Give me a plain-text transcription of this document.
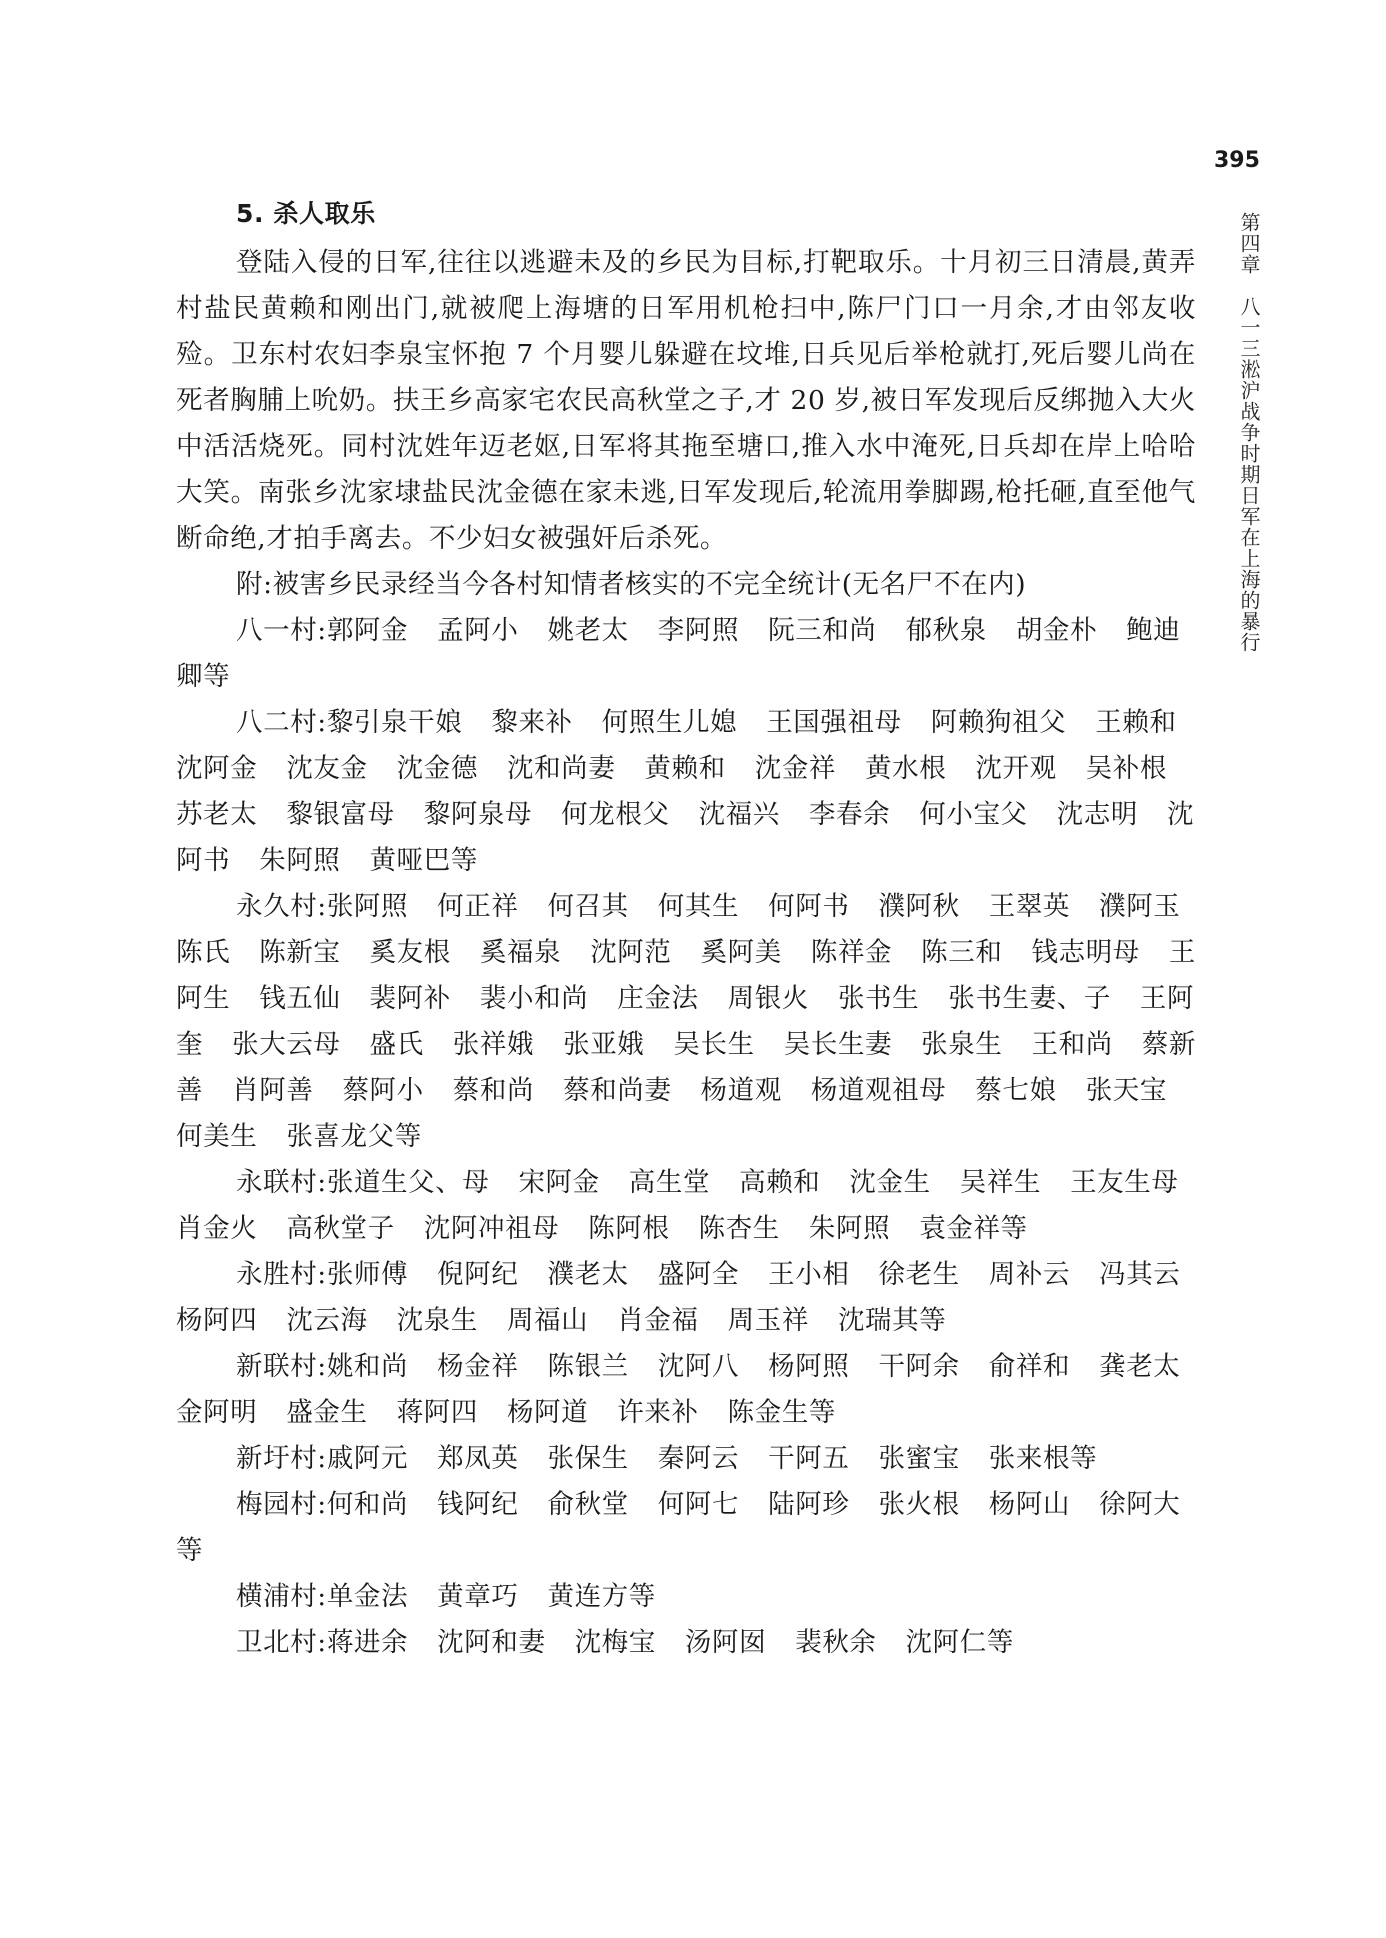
395
第四章　八一三淞沪战争时期日军在上海的暴行
5. 杀人取乐

登陆入侵的日军,往往以逃避未及的乡民为目标,打靶取乐。十月初三日清晨,黄弄村盐民黄赖和刚出门,就被爬上海塘的日军用机枪扫中,陈尸门口一月余,才由邻友收殓。卫东村农妇李泉宝怀抱 7 个月婴儿躲避在坟堆,日兵见后举枪就打,死后婴儿尚在死者胸脯上吮奶。扶王乡高家宅农民高秋堂之子,才 20 岁,被日军发现后反绑抛入大火中活活烧死。同村沈姓年迈老妪,日军将其拖至塘口,推入水中淹死,日兵却在岸上哈哈大笑。南张乡沈家埭盐民沈金德在家未逃,日军发现后,轮流用拳脚踢,枪托砸,直至他气断命绝,才拍手离去。不少妇女被强奸后杀死。

附:被害乡民录经当今各村知情者核实的不完全统计(无名尸不在内)

八一村:郭阿金 孟阿小 姚老太 李阿照 阮三和尚 郁秋泉 胡金朴 鲍迪卿等
八二村:黎引泉干娘 黎来补 何照生儿媳 王国强祖母 阿赖狗祖父 王赖和 沈阿金 沈友金 沈金德 沈和尚妻 黄赖和 沈金祥 黄水根 沈开观 吴补根 苏老太 黎银富母 黎阿泉母 何龙根父 沈福兴 李春余 何小宝父 沈志明 沈阿书 朱阿照 黄哑巴等
永久村:张阿照 何正祥 何召其 何其生 何阿书 濮阿秋 王翠英 濮阿玉 陈氏 陈新宝 奚友根 奚福泉 沈阿范 奚阿美 陈祥金 陈三和 钱志明母 王阿生 钱五仙 裴阿补 裴小和尚 庄金法 周银火 张书生 张书生妻、子 王阿奎 张大云母 盛氏 张祥娥 张亚娥 吴长生 吴长生妻 张泉生 王和尚 蔡新善 肖阿善 蔡阿小 蔡和尚 蔡和尚妻 杨道观 杨道观祖母 蔡七娘 张天宝 何美生 张喜龙父等
永联村:张道生父、母 宋阿金 高生堂 高赖和 沈金生 吴祥生 王友生母 肖金火 高秋堂子 沈阿冲祖母 陈阿根 陈杏生 朱阿照 袁金祥等
永胜村:张师傅 倪阿纪 濮老太 盛阿全 王小相 徐老生 周补云 冯其云 杨阿四 沈云海 沈泉生 周福山 肖金福 周玉祥 沈瑞其等
新联村:姚和尚 杨金祥 陈银兰 沈阿八 杨阿照 干阿余 俞祥和 龚老太 金阿明 盛金生 蒋阿四 杨阿道 许来补 陈金生等
新圩村:戚阿元 郑凤英 张保生 秦阿云 干阿五 张蜜宝 张来根等
梅园村:何和尚 钱阿纪 俞秋堂 何阿七 陆阿珍 张火根 杨阿山 徐阿大等
横浦村:单金法 黄章巧 黄连方等
卫北村:蒋进余 沈阿和妻 沈梅宝 汤阿囡 裴秋余 沈阿仁等
